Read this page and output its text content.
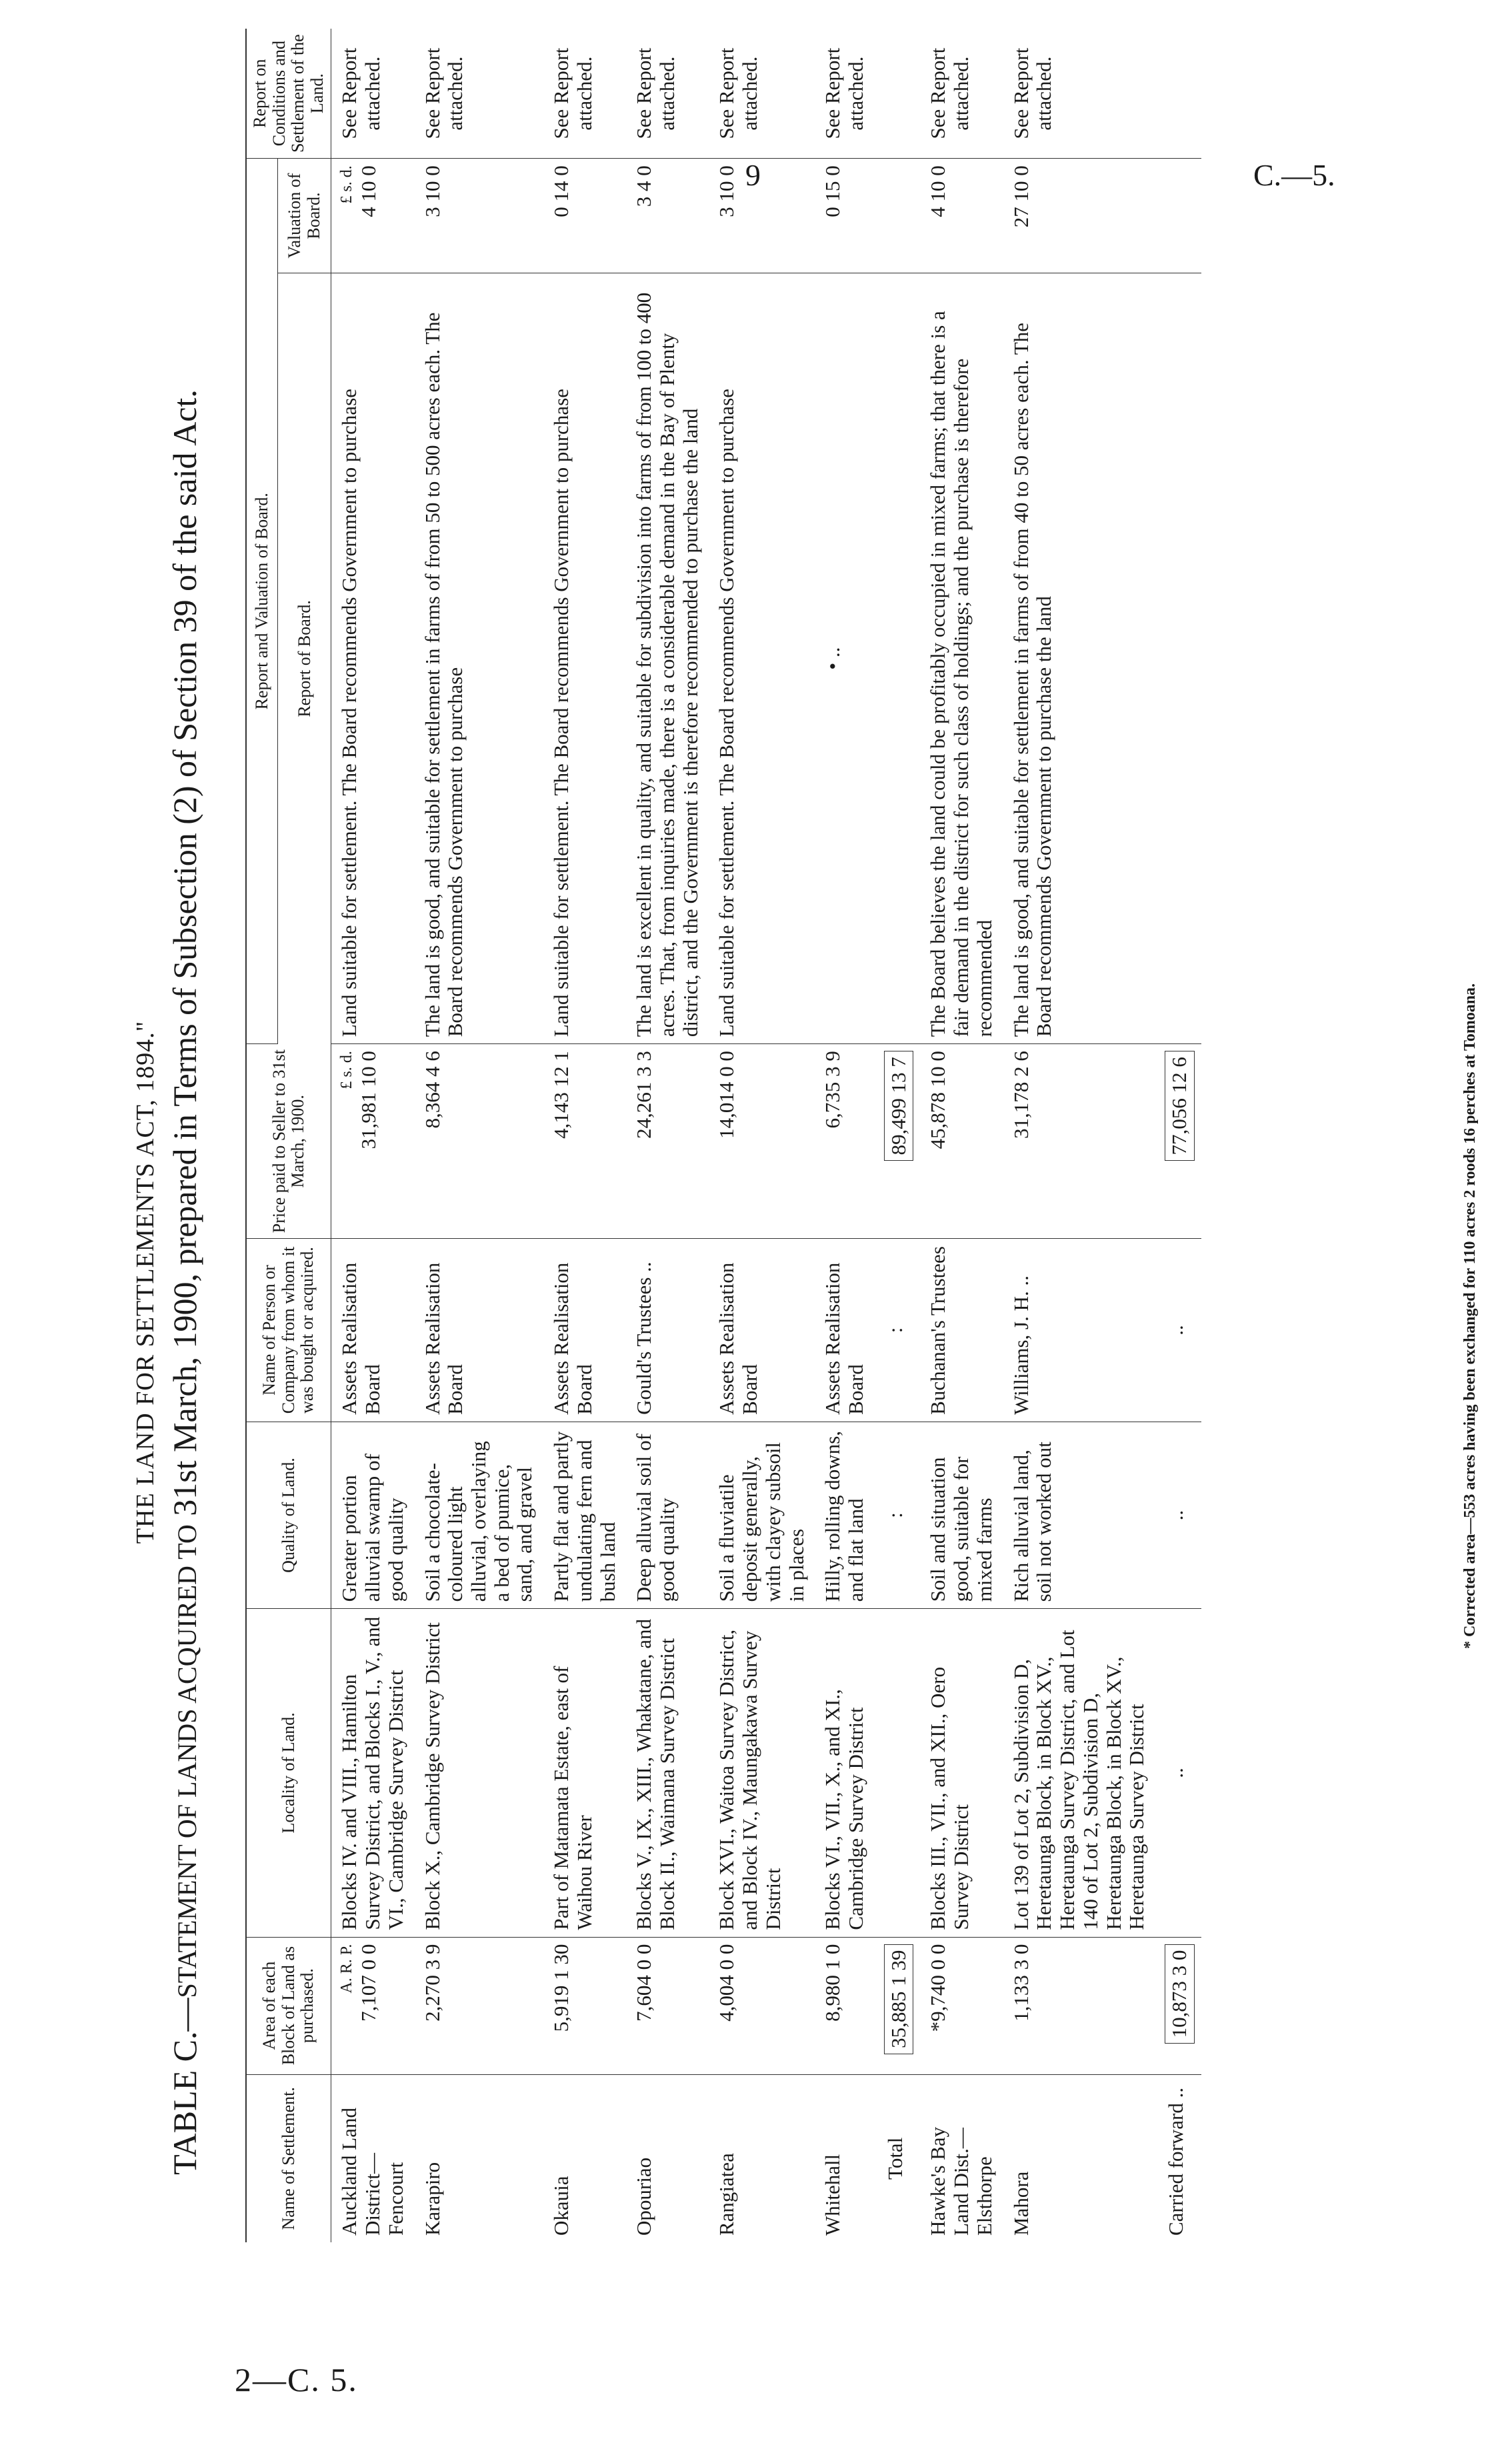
9	C.—5.
2—C. 5.
THE LAND FOR SETTLEMENTS ACT, 1894."
TABLE C.—STATEMENT OF LANDS ACQUIRED TO 31st March, 1900, prepared in Terms of Subsection (2) of Section 39 of the said Act.
Name of Settlement.	Area of each Block of Land as purchased.	Locality of Land.	Quality of Land.	Name of Person or Company from whom it was bought or acquired.	Price paid to Seller to 31st March, 1900.	Report and Valuation of Board.		Report on Conditions and Settlement of the Land.
						Report of Board.	Valuation of Board.	

Auckland Land District— Fencourt	A. R. P. 7,107 0 0	Blocks IV. and VIII., Hamilton Survey District, and Blocks I., V., and VI., Cambridge Survey District	Greater portion alluvial swamp of good quality	Assets Realisation Board	£ s. d. 31,981 10 0	Land suitable for settlement. The Board recommends Government to purchase	£ s. d. 4 10 0	See Report attached.
Karapiro	2,270 3 9	Block X., Cambridge Survey District	Soil a chocolate-coloured light alluvial, overlaying a bed of pumice, sand, and gravel	Assets Realisation Board	8,364 4 6	The land is good, and suitable for settlement in farms of from 50 to 500 acres each. The Board recommends Government to purchase	3 10 0	See Report attached.
Okauia	5,919 1 30	Part of Matamata Estate, east of Waihou River	Partly flat and partly undulating fern and bush land	Assets Realisation Board	4,143 12 1	Land suitable for settlement. The Board recommends Government to purchase	0 14 0	See Report attached.
Opouriao	7,604 0 0	Blocks V., IX., XIII., Whakatane, and Block II., Waimana Survey District	Deep alluvial soil of good quality	Gould's Trustees ..	24,261 3 3	The land is excellent in quality, and suitable for subdivision into farms of from 100 to 400 acres. That, from inquiries made, there is a considerable demand in the Bay of Plenty district, and the Government is therefore recommended to purchase the land	3 4 0	See Report attached.
Rangiatea	4,004 0 0	Block XVI., Waitoa Survey District, and Block IV., Maungakawa Survey District	Soil a fluviatile deposit generally, with clayey subsoil in places	Assets Realisation Board	14,014 0 0	Land suitable for settlement. The Board recommends Government to purchase	3 10 0	See Report attached.
Whitehall	8,980 1 0	Blocks VI., VII., X., and XI., Cambridge Survey District	Hilly, rolling downs, and flat land	Assets Realisation Board	6,735 3 9	• ..	0 15 0	See Report attached.
Total	35,885 1 39		:	:	89,499 13 7			

Hawke's Bay Land Dist.— Elsthorpe	*9,740 0 0	Blocks III., VII., and XII., Oero Survey District	Soil and situation good, suitable for mixed farms	Buchanan's Trustees	45,878 10 0	The Board believes the land could be profitably occupied in mixed farms; that there is a fair demand in the district for such class of holdings; and the purchase is therefore recommended	4 10 0	See Report attached.
Mahora	1,133 3 0	Lot 139 of Lot 2, Subdivision D, Heretaunga Block, in Block XV., Heretaunga Survey District, and Lot 140 of Lot 2, Subdivision D, Heretaunga Block, in Block XV., Heretaunga Survey District	Rich alluvial land, soil not worked out	Williams, J. H. ..	31,178 2 6	The land is good, and suitable for settlement in farms of from 40 to 50 acres each. The Board recommends Government to purchase the land	27 10 0	See Report attached.
Carried forward ..	10,873 3 0	..	..	..	77,056 12 6				* Corrected area—553 acres having been exchanged for 110 acres 2 roods 16 perches at Tomoana.
